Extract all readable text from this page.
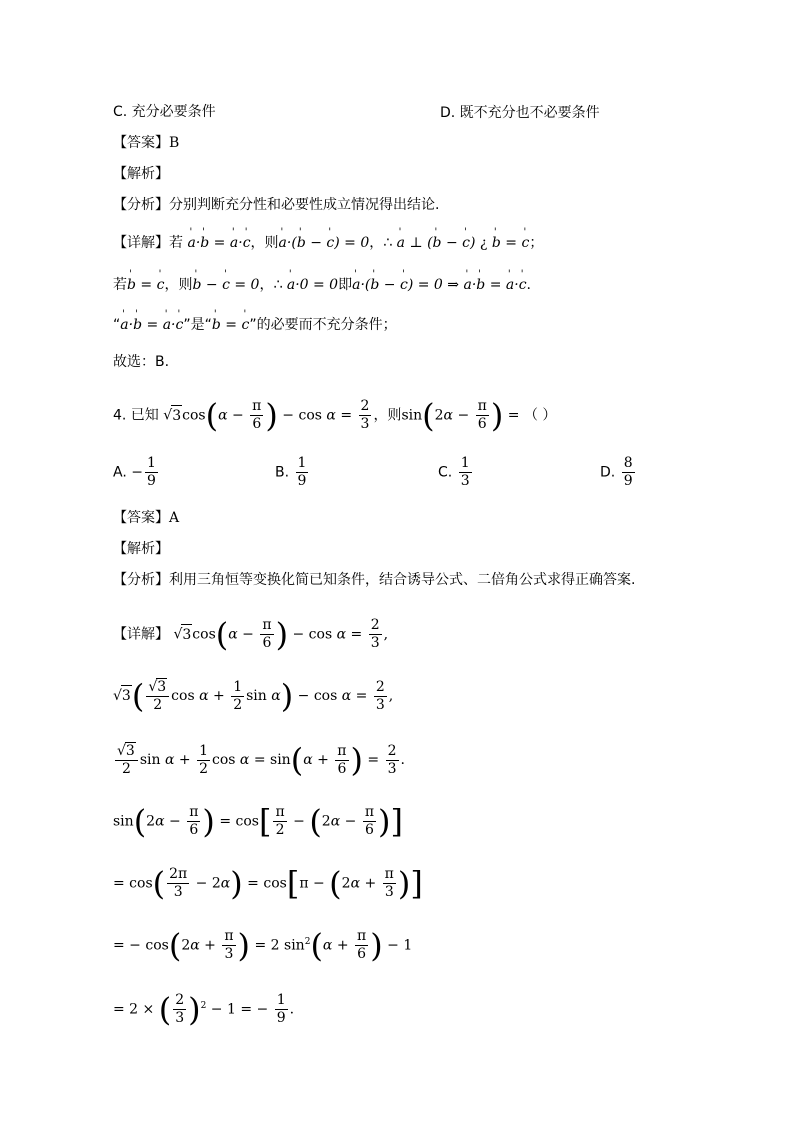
C. 充分必要条件	D. 既不充分也不必要条件
【答案】B
【解析】
【分析】分别判断充分性和必要性成立情况得出结论.
【详解】若 ' a·' b = ' a·' c，则' a·(' b − ' c) = 0，∴ ' a ⊥ (' b − ' c) ¿ ' b = ' c；
若' b = ' c，则' b − ' c = 0，∴ ' a·0 = 0即' a·(' b − ' c) = 0 ⇒ ' a·' b = ' a·' c.
“' a·' b = ' a·' c”是“' b = ' c”的必要而不充分条件；
故选：B.
4. 已知 $√3\cos(\alpha - \frac{\pi}{6}$ ) − $\cos \alpha = \frac{2}{3}$ ，则$\sin(2\alpha - \frac{\pi}{6}$ ) = （ ）
A. − $\frac{1}{9}$	B. $\frac{1}{9}$	C. $\frac{1}{3}$	D. $\frac{8}{9}$
【答案】A
【解析】
【分析】利用三角恒等变换化简已知条件，结合诱导公式、二倍角公式求得正确答案.
【详解】 $√3\cos(\alpha - \frac{\pi}{6}$ ) − $\cos \alpha = \frac{2}{3}$ ,
$√3( \frac{√3}{2}$ $\cos \alpha + \frac{1}{2}$ $\sin \alpha) - \cos \alpha = \frac{2}{3}$ ,
$\frac{√3}{2}$ $\sin \alpha + \frac{1}{2}$ $\cos \alpha = \sin(\alpha + \frac{\pi}{6}$ ) = $\frac{2}{3}$ .
$\sin(2\alpha - \frac{\pi}{6}$ ) = $\cos[ \frac{\pi}{2} - (2\alpha - \frac{\pi}{6}$ )]
= $\cos( \frac{2\pi}{3} - 2\alpha) = \cos[\pi - (2\alpha + \frac{\pi}{3}$ )]
= − $\cos(2\alpha + \frac{\pi}{3}$ ) = 2 $\sin^2(\alpha + \frac{\pi}{6}$ ) − 1
= 2 × ( $\frac{2}{3} )^2 - 1$ = − $\frac{1}{9}$ .
